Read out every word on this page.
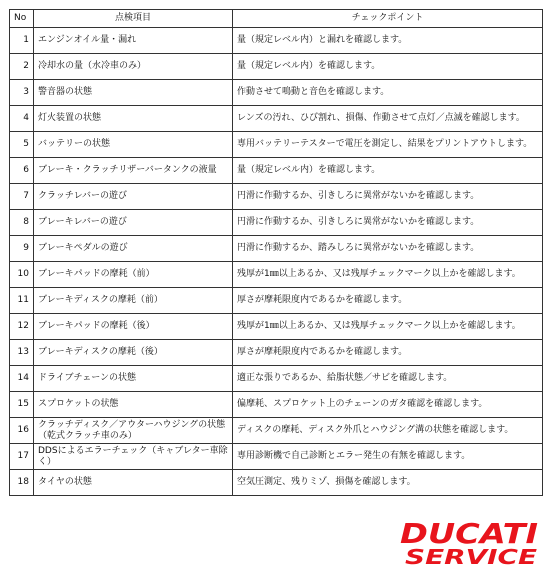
No	点検項目	チェックポイント
1	エンジンオイル量・漏れ	量（規定レベル内）と漏れを確認します。
2	冷却水の量（水冷車のみ）	量（規定レベル内）を確認します。
3	警音器の状態	作動させて鳴動と音色を確認します。
4	灯火装置の状態	レンズの汚れ、ひび割れ、損傷、作動させて点灯／点滅を確認します。
5	バッテリーの状態	専用バッテリーテスターで電圧を測定し、結果をプリントアウトします。
6	ブレーキ・クラッチリザーバータンクの液量	量（規定レベル内）を確認します。
7	クラッチレバーの遊び	円滑に作動するか、引きしろに異常がないかを確認します。
8	ブレーキレバーの遊び	円滑に作動するか、引きしろに異常がないかを確認します。
9	ブレーキペダルの遊び	円滑に作動するか、踏みしろに異常がないかを確認します。
10	ブレーキパッドの摩耗（前）	残厚が1㎜以上あるか、又は残厚チェックマーク以上かを確認します。
11	ブレーキディスクの摩耗（前）	厚さが摩耗限度内であるかを確認します。
12	ブレーキパッドの摩耗（後）	残厚が1㎜以上あるか、又は残厚チェックマーク以上かを確認します。
13	ブレーキディスクの摩耗（後）	厚さが摩耗限度内であるかを確認します。
14	ドライブチェーンの状態	適正な張りであるか、給脂状態／サビを確認します。
15	スプロケットの状態	偏摩耗、スプロケット上のチェーンのガタ確認を確認します。
16	クラッチディスク／アウターハウジングの状態（乾式クラッチ車のみ）	ディスクの摩耗、ディスク外爪とハウジング溝の状態を確認します。
17	DDSによるエラーチェック（キャブレター車除く）	専用診断機で自己診断とエラー発生の有無を確認します。
18	タイヤの状態	空気圧測定、残りミゾ、損傷を確認します。
DUCATI
SERVICE
